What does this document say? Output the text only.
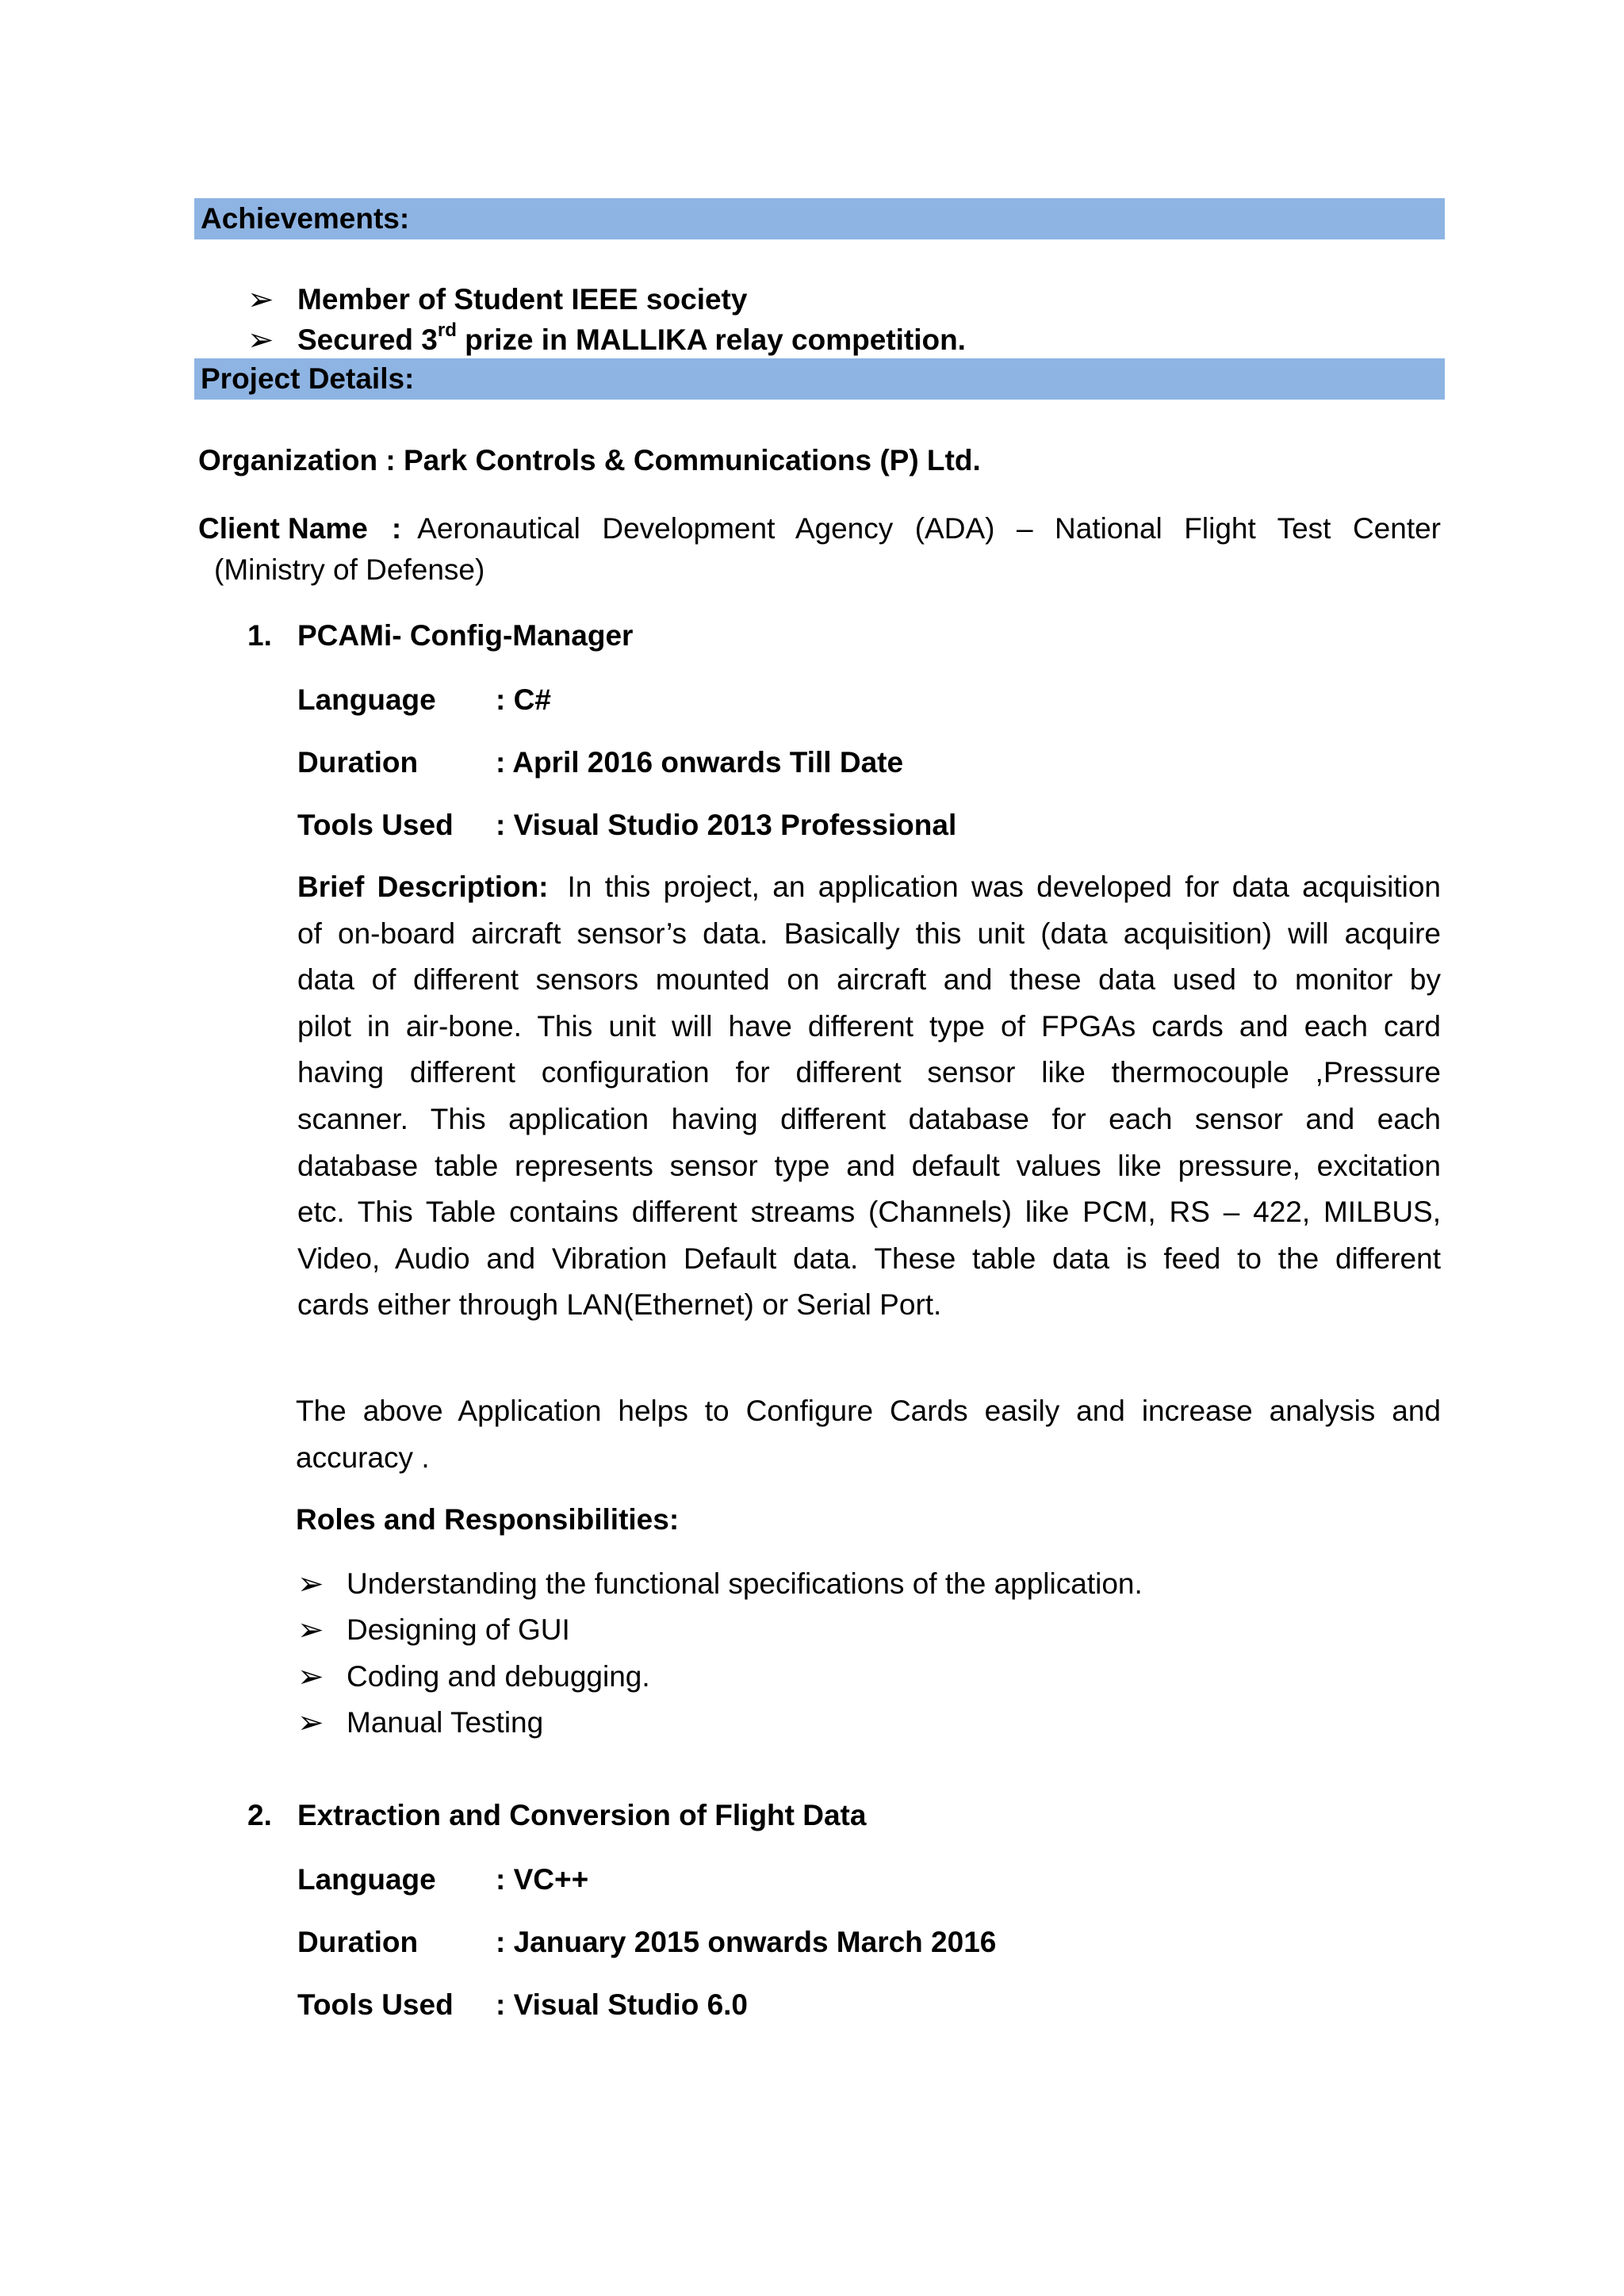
Achievements:
➢ Member of Student IEEE society
➢ Secured 3rd prize in MALLIKA relay competition.
Project Details:
Organization : Park Controls & Communications (P) Ltd.
Client Name : Aeronautical Development Agency (ADA) – National Flight Test Center
(Ministry of Defense)
1. PCAMi- Config-Manager
Language : C#
Duration	: April 2016 onwards Till Date
Tools Used : Visual Studio 2013 Professional
Brief Description: In this project, an application was developed for data acquisition
of on-board aircraft sensor’s data. Basically this unit (data acquisition) will acquire
data of different sensors mounted on aircraft and these data used to monitor by
pilot in air-bone. This unit will have different type of FPGAs cards and each card
having different configuration for different sensor like thermocouple ,Pressure
scanner. This application having different database for each sensor and each
database table represents sensor type and default values like pressure, excitation
etc. This Table contains different streams (Channels) like PCM, RS – 422, MILBUS,
Video, Audio and Vibration Default data. These table data is feed to the different
cards either through LAN(Ethernet) or Serial Port.
The above Application helps to Configure Cards easily and increase analysis and
accuracy .
Roles and Responsibilities:
➢ Understanding the functional specifications of the application.
➢ Designing of GUI
➢ Coding and debugging.
➢ Manual Testing
2. Extraction and Conversion of Flight Data
Language : VC++
Duration	: January 2015 onwards March 2016
Tools Used : Visual Studio 6.0
